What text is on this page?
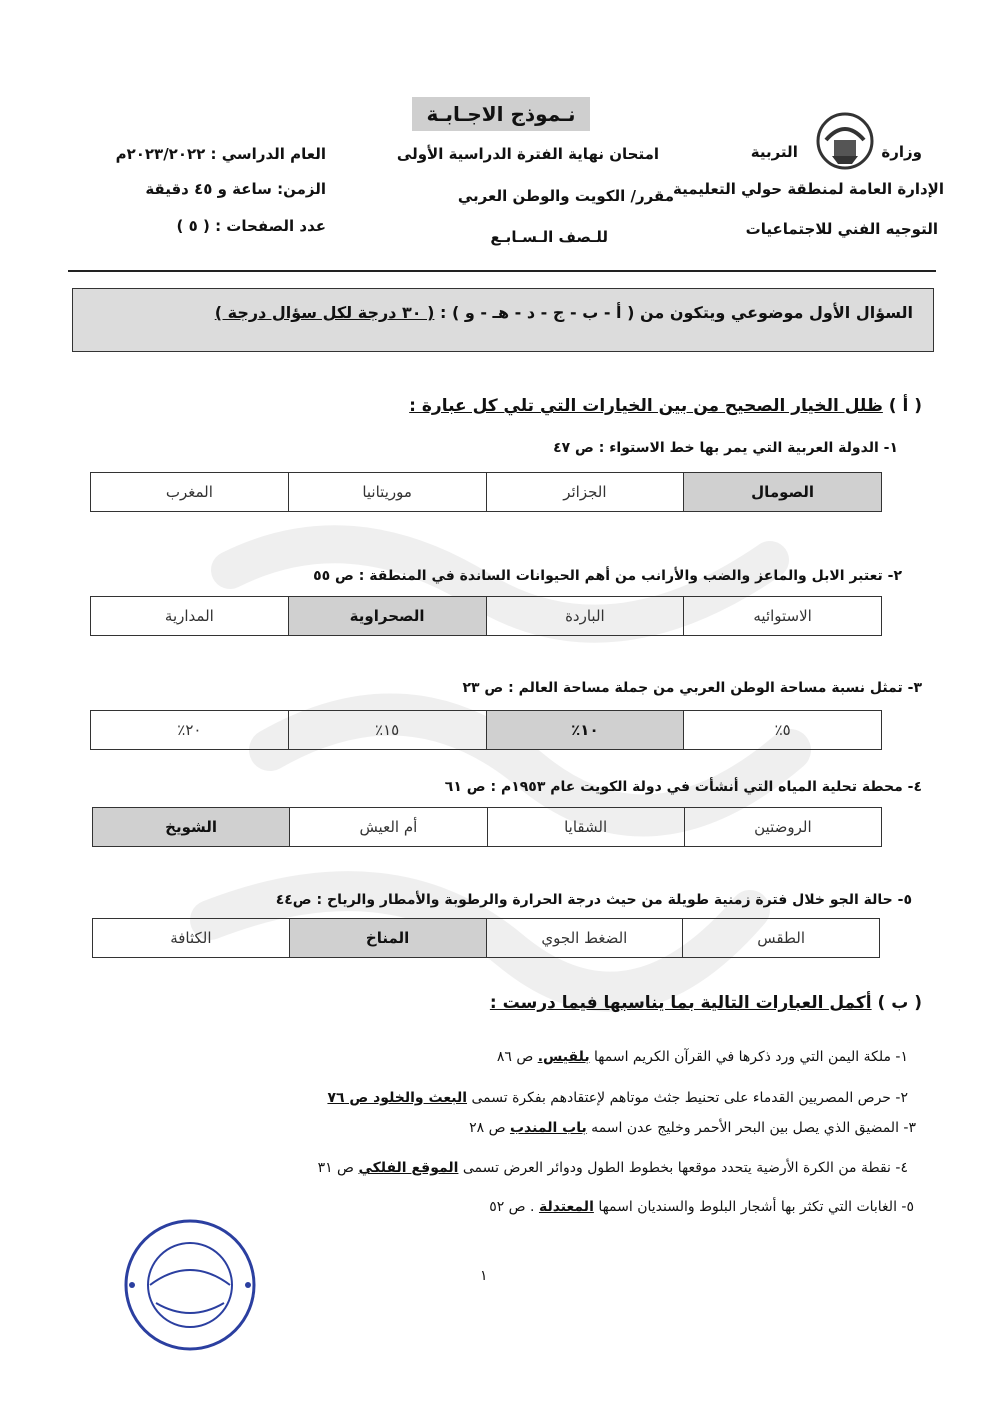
وزارة                التربية
الإدارة العامة لمنطقة حولي التعليمية
التوجيه الفني للاجتماعيات
نـموذج الاجـابـة
امتحان نهاية الفترة الدراسية الأولى
مقرر/ الكويت والوطن العربي
للـصف الـسـابـع
العام الدراسي : ٢٠٢٣/٢٠٢٢م
الزمن: ساعة و ٤٥ دقيقة
عدد الصفحات : ( ٥ )
السؤال الأول موضوعي ويتكون من ( أ - ب - ج - د - هـ - و ) : ( ٣٠ درجة لكل سؤال درجة )
( أ ) ظلل الخيار الصحيح من بين الخيارات التي تلي كل عبارة :
١- الدولة العربية التي يمر بها خط الاستواء : ص ٤٧
الصومال	الجزائر	موريتانيا	المغرب
٢- تعتبر الابل والماعز والضب والأرانب من أهم الحيوانات الساندة في المنطقة : ص ٥٥
الاستوائيه	الباردة	الصحراوية	المدارية
٣- تمثل نسبة مساحة الوطن العربي من جملة مساحة العالم : ص ٢٣
٥٪	١٠٪	١٥٪	٢٠٪
٤- محطة تحلية المياه التي أنشأت في دولة الكويت عام ١٩٥٣م : ص ٦١
الروضتين	الشقايا	أم العيش	الشويخ
٥- حالة الجو خلال فترة زمنية طويلة من حيث درجة الحرارة والرطوبة والأمطار والرياح : ص٤٤
الطقس	الضغط الجوي	المناخ	الكثافة
( ب ) أكمل العبارات التالية بما يناسبها فيما درست :
١- ملكة اليمن التي ورد ذكرها في القرآن الكريم اسمها بلقيس. ص ٨٦
٢- حرص المصريين القدماء على تحنيط جثث موتاهم لإعتقادهم بفكرة تسمى البعث والخلود ص ٧٦
٣- المضيق الذي يصل بين البحر الأحمر وخليج عدن اسمه باب المندب ص ٢٨
٤- نقطة من الكرة الأرضية يتحدد موقعها بخطوط الطول ودوائر العرض تسمى الموقع الفلكي ص ٣١
٥- الغابات التي تكثر بها أشجار البلوط والسنديان اسمها المعتدلة . ص ٥٢
١
